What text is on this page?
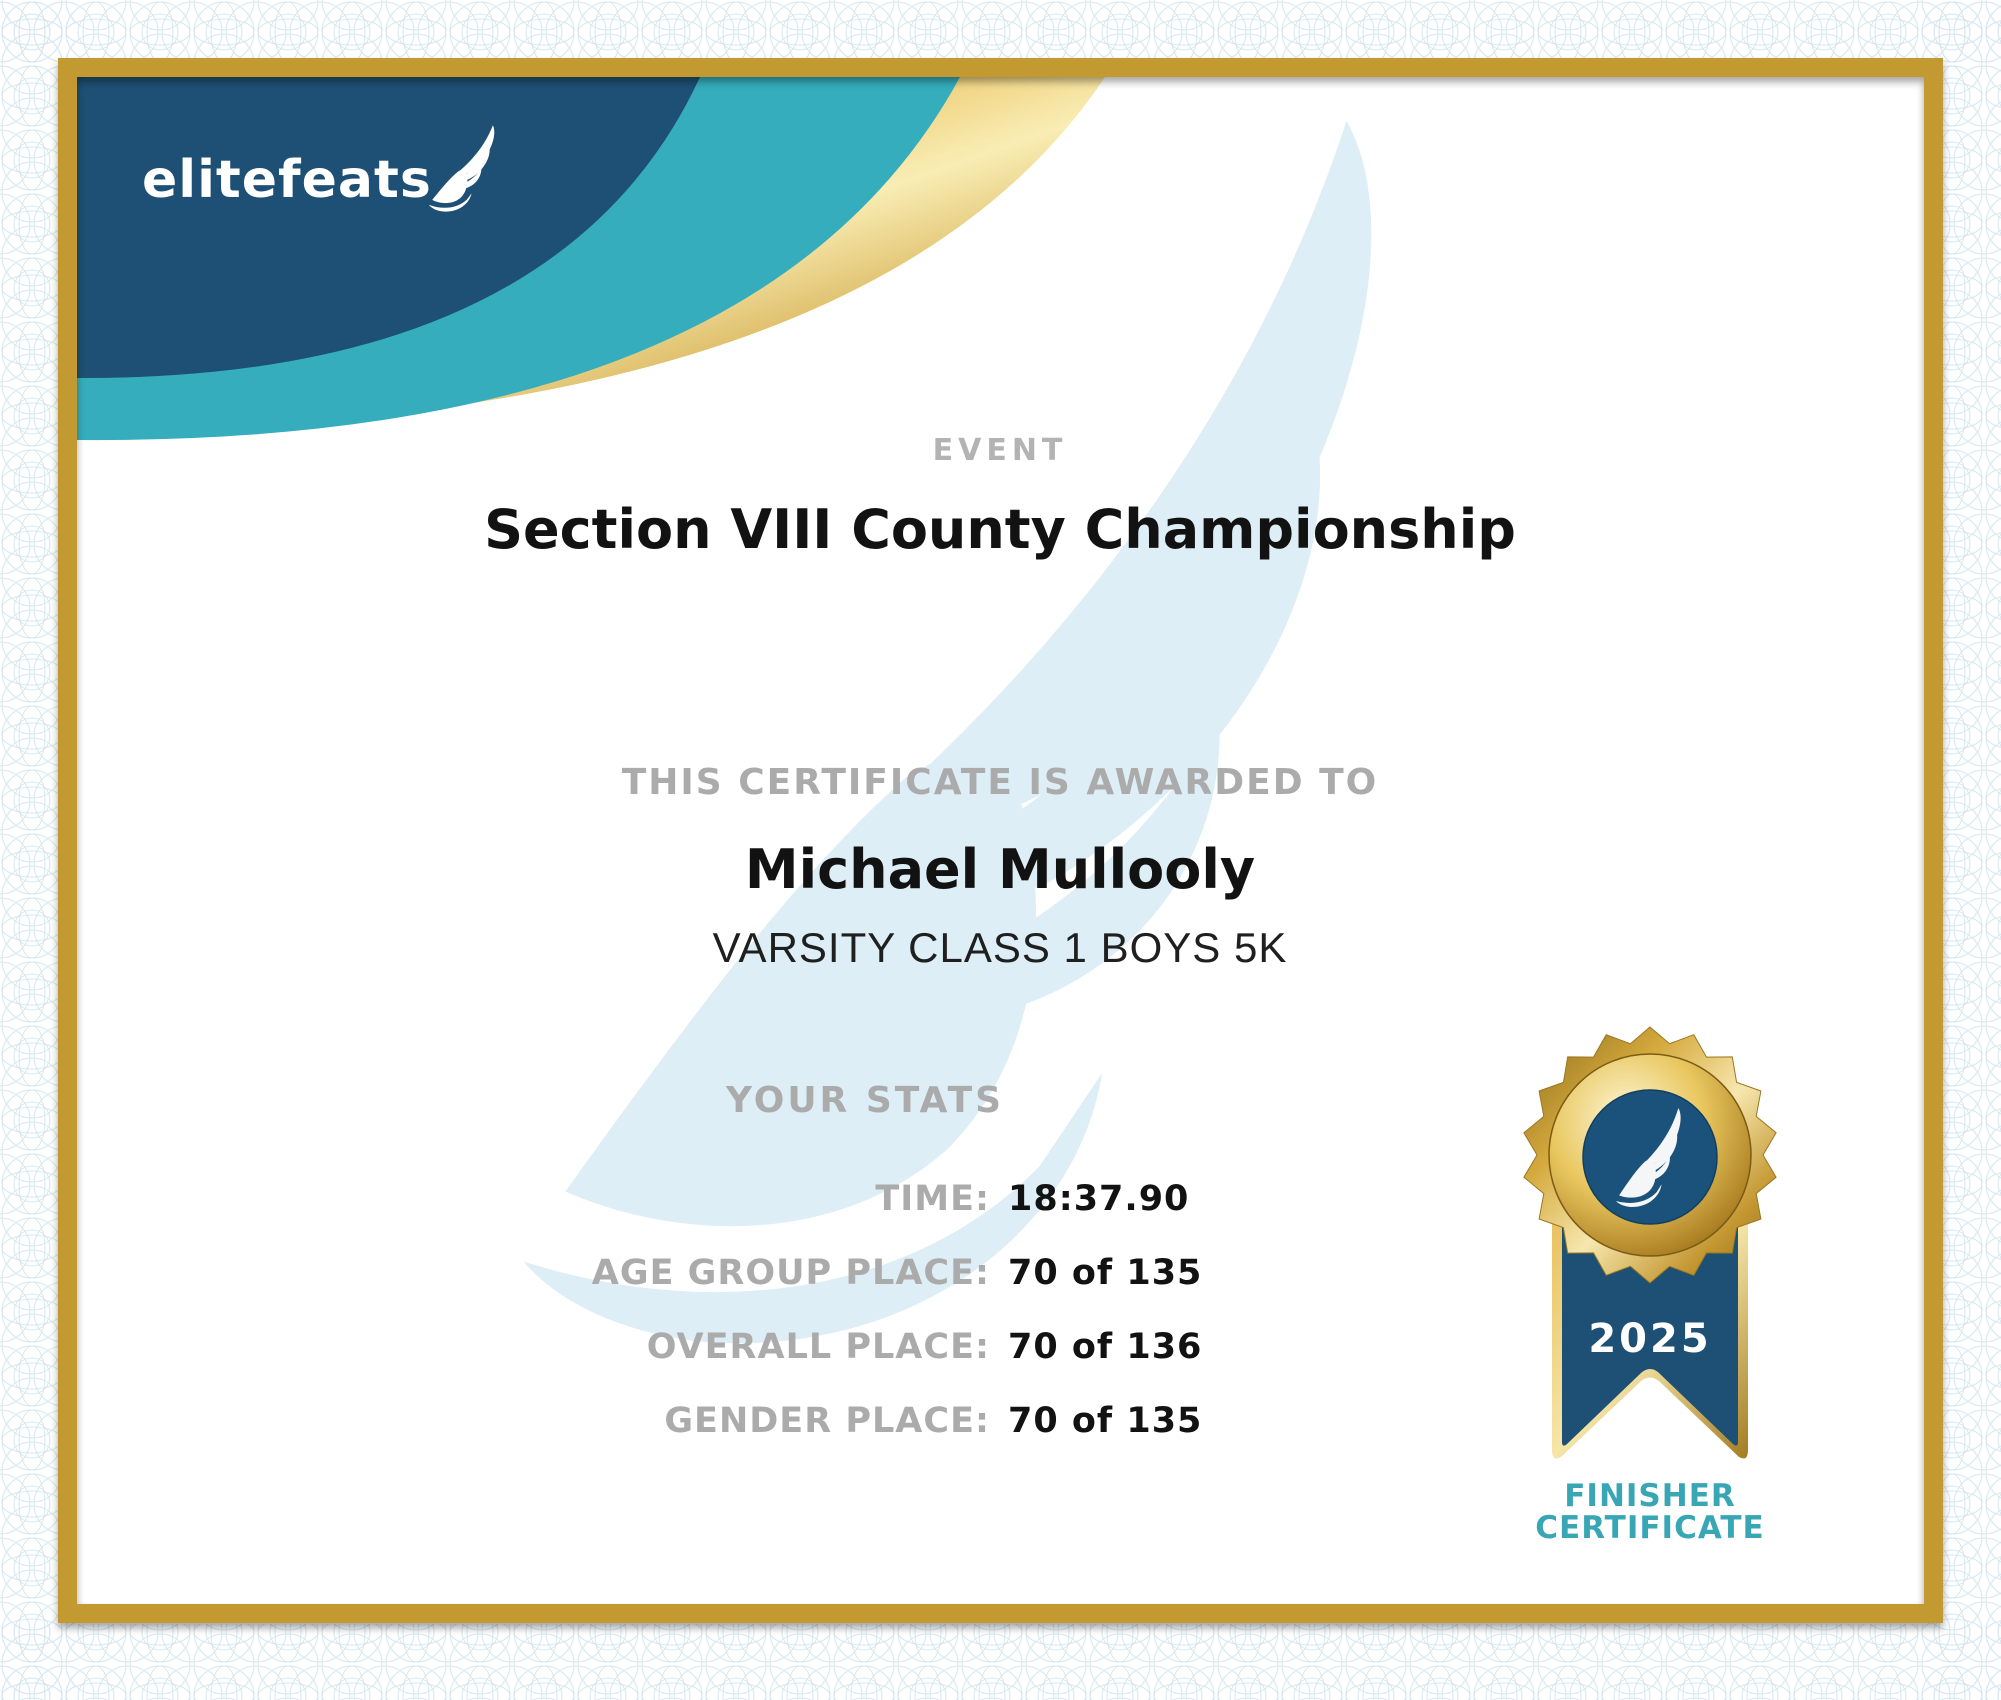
elitefeats
EVENT
Section VIII County Championship
THIS CERTIFICATE IS AWARDED TO
Michael Mullooly
VARSITY CLASS 1 BOYS 5K
YOUR STATS
TIME: 18:37.90
AGE GROUP PLACE: 70 of 135
OVERALL PLACE: 70 of 136
GENDER PLACE: 70 of 135
2025
FINISHER
CERTIFICATE
